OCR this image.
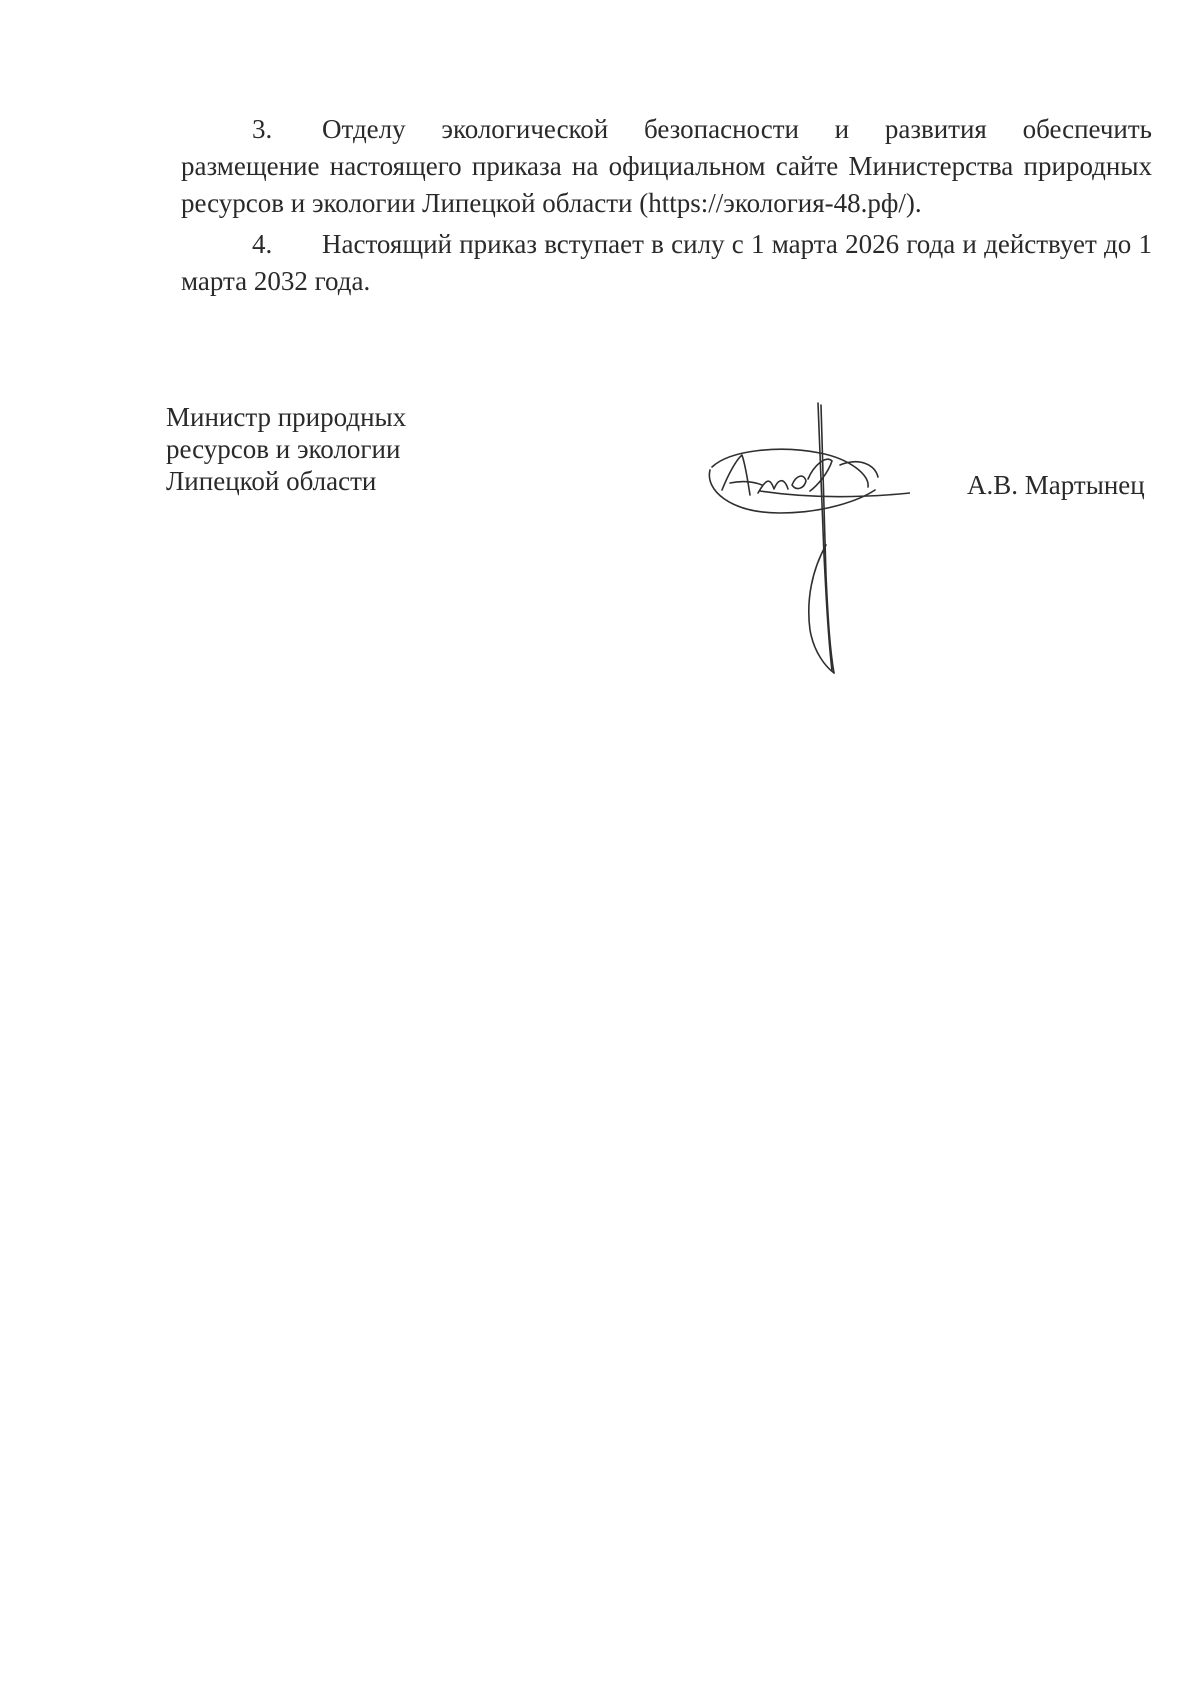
3. Отделу экологической безопасности и развития обеспечить размещение настоящего приказа на официальном сайте Министерства природных ресурсов и экологии Липецкой области (https://экология-48.рф/).

4. Настоящий приказ вступает в силу с 1 марта 2026 года и действует до 1 марта 2032 года.

Министр природных
ресурсов и экологии
Липецкой области	А.В. Мартынец
